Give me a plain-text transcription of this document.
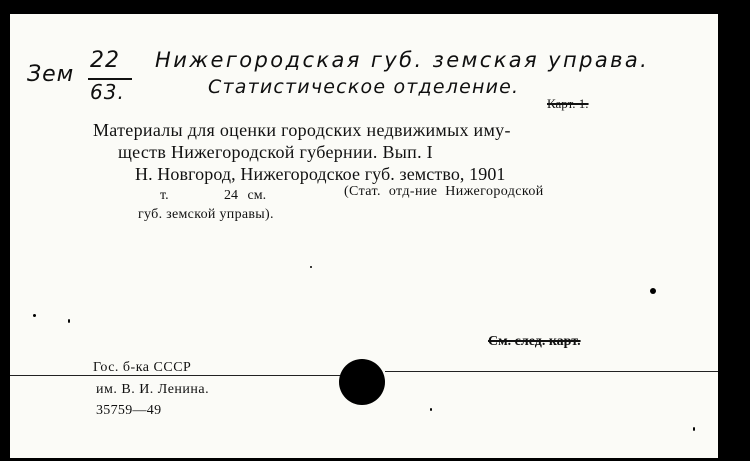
Зем
22
63.
Нижегородская губ. земская управа.
Статистическое отделение.
Карт. 1.
Материалы для оценки городских недвижимых иму-
ществ Нижегородской губернии. Вып. I
Н. Новгород, Нижегородское губ. земство, 1901
т.	24 см.	(Стат. отд-ние Нижегородской
губ. земской управы).
См. след. карт.
Гос. б-ка СССР
им. В. И. Ленина.
35759—49
